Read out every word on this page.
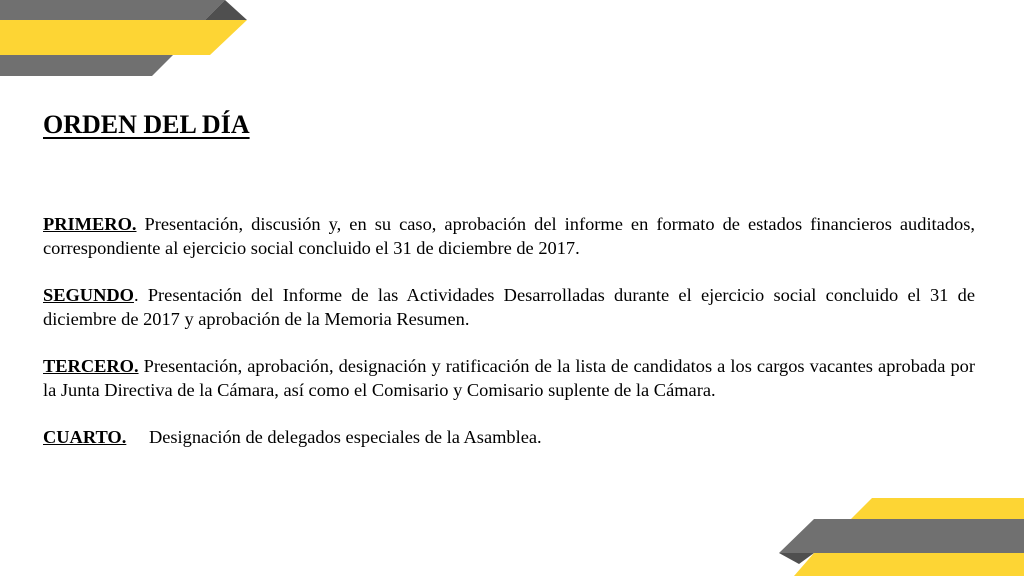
ORDEN DEL DÍA

PRIMERO. Presentación, discusión y, en su caso, aprobación del informe en formato de estados financieros auditados, correspondiente al ejercicio social concluido el 31 de diciembre de 2017.

SEGUNDO. Presentación del Informe de las Actividades Desarrolladas durante el ejercicio social concluido el 31 de diciembre de 2017 y aprobación de la Memoria Resumen.

TERCERO. Presentación, aprobación, designación y ratificación de la lista de candidatos a los cargos vacantes aprobada por la Junta Directiva de la Cámara, así como el Comisario y Comisario suplente de la Cámara.

CUARTO. Designación de delegados especiales de la Asamblea.
